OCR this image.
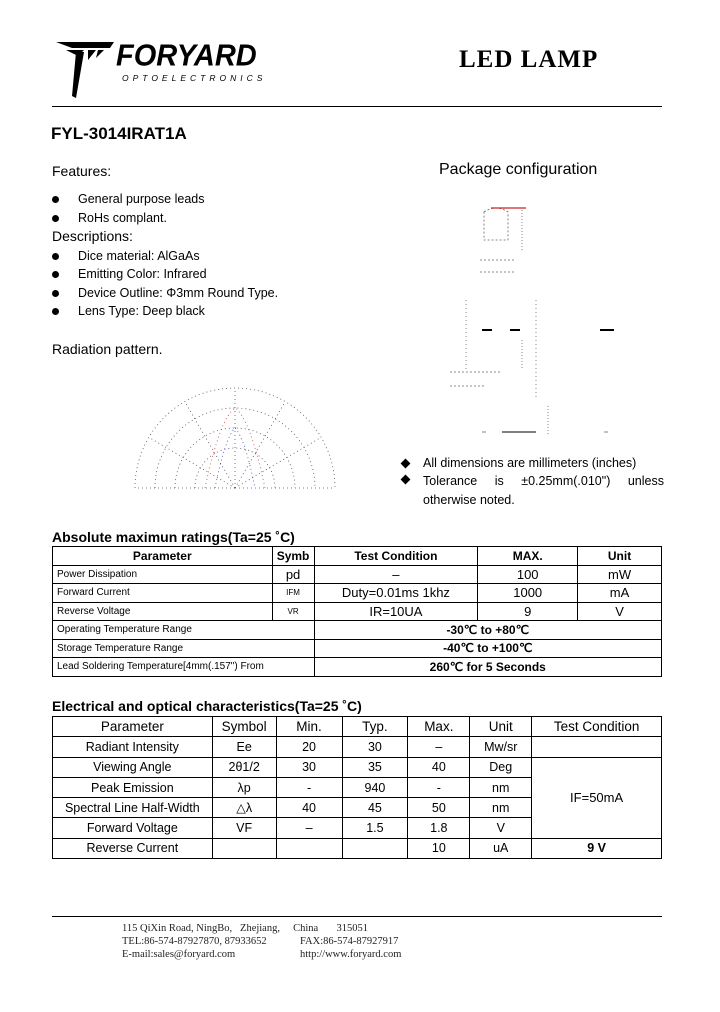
FORYARD
OPTOELECTRONICS
LED LAMP
FYL-3014IRAT1A
Features:
General purpose leads
RoHs complant.
Descriptions:
Dice material: AlGaAs
Emitting Color: Infrared
Device Outline: Φ3mm Round Type.
Lens Type: Deep black
Radiation pattern.
Package configuration
All dimensions are millimeters (inches)
Tolerance is ±0.25mm(.010") unless otherwise noted.
Absolute maximun ratings(Ta=25 ˚C)
Parameter	Symb	Test Condition	MAX.	Unit
Power Dissipation	pd	–	100	mW
Forward Current	IFM	Duty=0.01ms 1khz	1000	mA
Reverse Voltage	VR	IR=10UA	9	V
Operating Temperature Range		-30℃ to +80℃		
Storage Temperature Range		-40℃ to +100℃		
Lead Soldering Temperature[4mm(.157") From		260℃ for 5 Seconds		
Electrical and optical characteristics(Ta=25 ˚C)
Parameter	Symbol	Min.	Typ.	Max.	Unit	Test Condition
Radiant Intensity	Ee	20	30	–	Mw/sr	
Viewing Angle	2θ1/2	30	35	40	Deg	IF=50mA
Peak Emission	λp	-	940	-	nm	
Spectral Line Half-Width	△λ	40	45	50	nm	
Forward Voltage	VF	–	1.5	1.8	V	
Reverse Current				10	uA	9 V
115 QiXin Road, NingBo,   Zhejiang,     China       315051
TEL:86-574-87927870, 87933652	FAX:86-574-87927917
E-mail:sales@foryard.com	http://www.foryard.com
